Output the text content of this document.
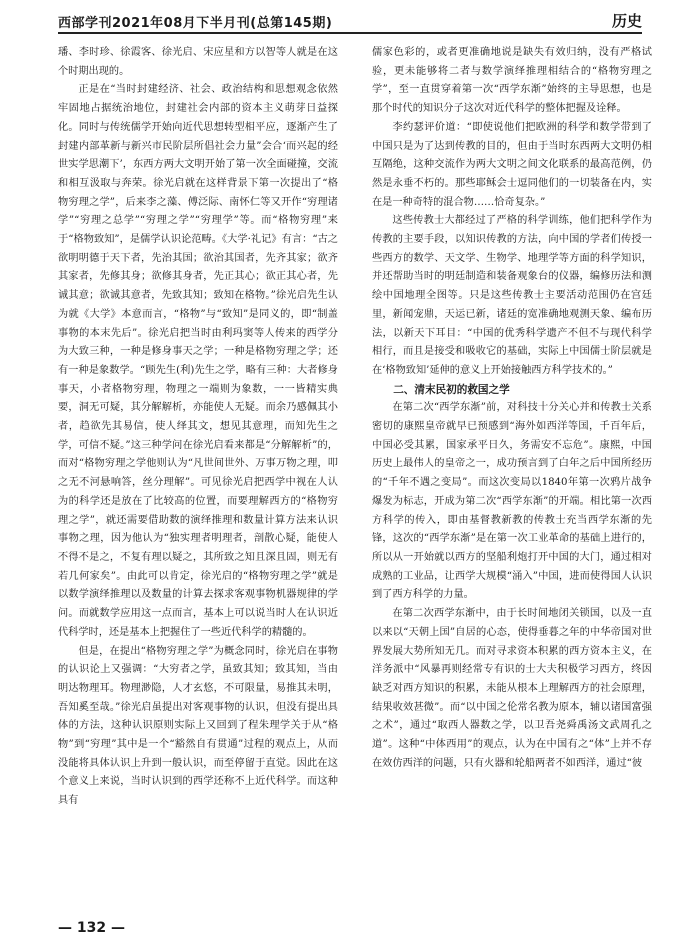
西部学刊2021年08月下半月刊(总第145期)	历史

璠、李时珍、徐霞客、徐光启、宋应星和方以智等人就是在这个时期出现的。

正是在“当时封建经济、社会、政治结构和思想观念依然牢固地占据统治地位，封建社会内部的资本主义萌芽日益探化。同时与传统儒学开始向近代思想转型相平应，逐渐产生了封建内部革新与新兴市民阶层所倡社会力量”会合‘而兴起的经世实学思潮下’，东西方两大文明开始了第一次全面碰撞，交流和相互汲取与奔荣。徐光启就在这样背景下第一次提出了“格物穷理之学”，后来李之藻、傅泛际、南怀仁等又开作“穷理诸学”“穷理之总学”“穷理之学”“穷理学”等。而“格物穷理”来于“格物致知”，是儒学认识论范畴。《大学·礼记》有言：“古之欲明明德于天下者，先治其国；欲治其国者，先齐其家；欲齐其家者，先修其身；欲修其身者，先正其心；欲正其心者，先诚其意；欲诚其意者，先致其知；致知在格物。”徐光启先生认为就《大学》本意而言，“格物”与“致知”是同义的，即“制盖事物的本末先后”。徐光启把当时由利玛窦等人传来的西学分为大致三种，一种是修身事天之学；一种是格物穷理之学；还有一种是象数学。“顾先生(利)先生之学，略有三种：大者修身事天，小者格物穷理，物理之一端则为象数，一一皆精实典要，洞无可疑，其分解解析，亦能使人无疑。而余乃感佩其小者，趋欲先其易信，使人绎其文，想见其意理，而知先生之学，可信不疑。”这三种学问在徐光启看来都是“分解解析”的，而对“格物穷理之学他则认为“凡世间世外、万事万物之理，叩之无不河悬响答，丝分理解”。可见徐光启把西学中视在人认为的科学还是放在了比较高的位置，而要理解西方的“格物穷理之学”，就还需要借助数的演绎推理和数量计算方法来认识事物之理，因为他认为“独实理者明理者，剖散心疑，能使人不得不是之，不复有理以疑之，其所致之知且深且固，则无有若几何家矣”。由此可以肯定，徐光启的“格物穷理之学”就是以数学演绎推理以及数量的计算去探求客观事物机器规律的学问。而就数学应用这一点而言，基本上可以说当时人在认识近代科学时，还是基本上把握住了一些近代科学的精髓的。

但是，在提出“格物穷理之学”为概念同时，徐光启在事物的认识论上又强调：“大穷者之学，虽致其知；致其知，当由明达物理耳。物理渺隐，人才玄悠，不可限量，易推其未明，吾知奚至哉。”徐光启虽提出对客观事物的认识，但没有提出具体的方法，这种认识原则实际上又回到了程朱理学关于从“格物”到“穷理”其中是一个“豁然自有贯通”过程的观点上，从而没能将具体认识上升到一般认识，而至停留于直觉。因此在这个意义上来说，当时认识到的西学还称不上近代科学。而这种具有

儒家色彩的，或者更准确地说是缺失有效归纳，没有严格试验，更未能够将二者与数学演绎推理相结合的“格物穷理之学”，至一直贯穿着第一次“西学东渐”始终的主导思想，也是那个时代的知识分子这次对近代科学的整体把握及诠释。

李约瑟评价道：“即使说他们把欧洲的科学和数学带到了中国只是为了达到传教的目的，但由于当时东西两大文明仍相互隔绝，这种交流作为两大文明之间文化联系的最高范例，仍然是永垂不朽的。那些耶稣会士逗同他们的一切装备在内，实在是一种奇特的混合物……恰奇复杂。”

这些传教士大都经过了严格的科学训练，他们把科学作为传教的主要手段，以知识传教的方法，向中国的学者们传授一些西方的数学、天文学、生物学、地理学等方面的科学知识，并还帮助当时的明廷制造和装备观象台的仪器，编修历法和测绘中国地理全图等。只是这些传教士主要活动范围仍在宫廷里，新闻宠鼎，天运已新，诸廷的宽准确地观测天象、编布历法，以新天下耳目：“中国的优秀科学遗产不但不与现代科学相行，而且是接受和吸收它的基础，实际上中国儒士阶层就是在‘格物致知’延伸的意义上开始接触西方科学技术的。”

二、清末民初的救国之学

在第二次“西学东渐”前，对科技十分关心并和传教士关系密切的康熙皇帝就早已预感到“海外如西洋等国，千百年后，中国必受其累，国家承平日久，务需安不忘危”。康熙，中国历史上最伟人的皇帝之一，成功预言到了白年之后中国所经历的“千年不遇之变局”。而这次变局以1840年第一次鸦片战争爆发为标志，开成为第二次“西学东渐”的开端。相比第一次西方科学的传入，即由基督教新教的传教士充当西学东渐的先锋，这次的“西学东渐”是在第一次工业革命的基础上进行的，所以从一开始就以西方的坚船利炮打开中国的大门，通过相对成熟的工业品，让西学大规模“涌入”中国，进而使得国人认识到了西方科学的力量。

在第二次西学东渐中，由于长时间地闭关锁国，以及一直以来以“天朝上国”自居的心态，使得垂暮之年的中华帝国对世界发展大势所知无几。而对寻求资本积累的西方资本主义，在洋务派中“风暴再则经常专有识的士大夫积极学习西方，终因缺乏对西方知识的积累，未能从根本上理解西方的社会原理，结果收效甚微”。而“以中国之伦常名教为原本，辅以诸国富强之术”，通过“取西人器数之学，以卫吾尧舜禹汤文武周孔之道”。这种“中体西用”的观点，认为在中国有之“体”上并不存在效仿西洋的问题，只有火器和轮船两者不如西洋，通过“彼

— 132 —
